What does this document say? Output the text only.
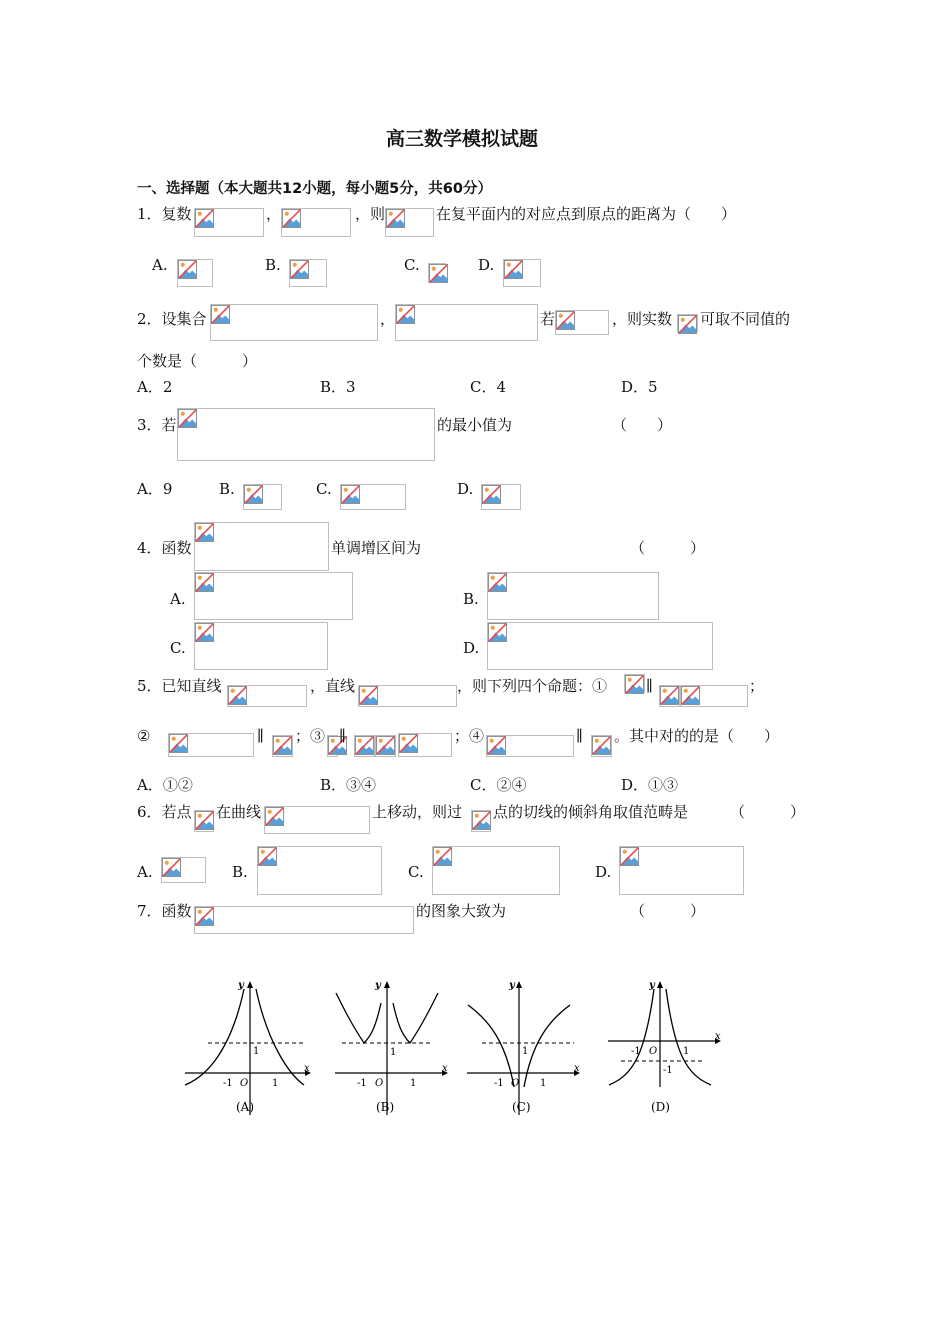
高三数学模拟试题
一、选择题（本大题共12小题，每小题5分，共60分）
1．复数	，	，则	在复平面内的对应点到原点的距离为（　　）
A.	B.	C.	D.
2．设集合	，	若	，则实数 可取不同值的
个数是（　　　）
A．2	B．3	C．4	D．5
3．若	的最小值为	（　　）
A．9	B.	C.	D.
4．函数	单调增区间为	（　　　）
A.	B.
C.	D.
5．已知直线	，直线	，则下列四个命题：①	∥	；
②	∥ ；③ ∥	；④	∥ 。其中对的的是（　　）
A．①②	B．③④	C．②④	D．①③
6．若点 在曲线	上移动，则过 点的切线的倾斜角取值范畴是	（　　　）
A.	B.	C.	D.
7．函数	的图象大致为	（　　　）
y
x
-1 O 1
1
(A)
y
x
-1 O	1
1
(B)
y
x
-1 O 1
1
(C)
y
x
-1 O	1
-1
(D)
